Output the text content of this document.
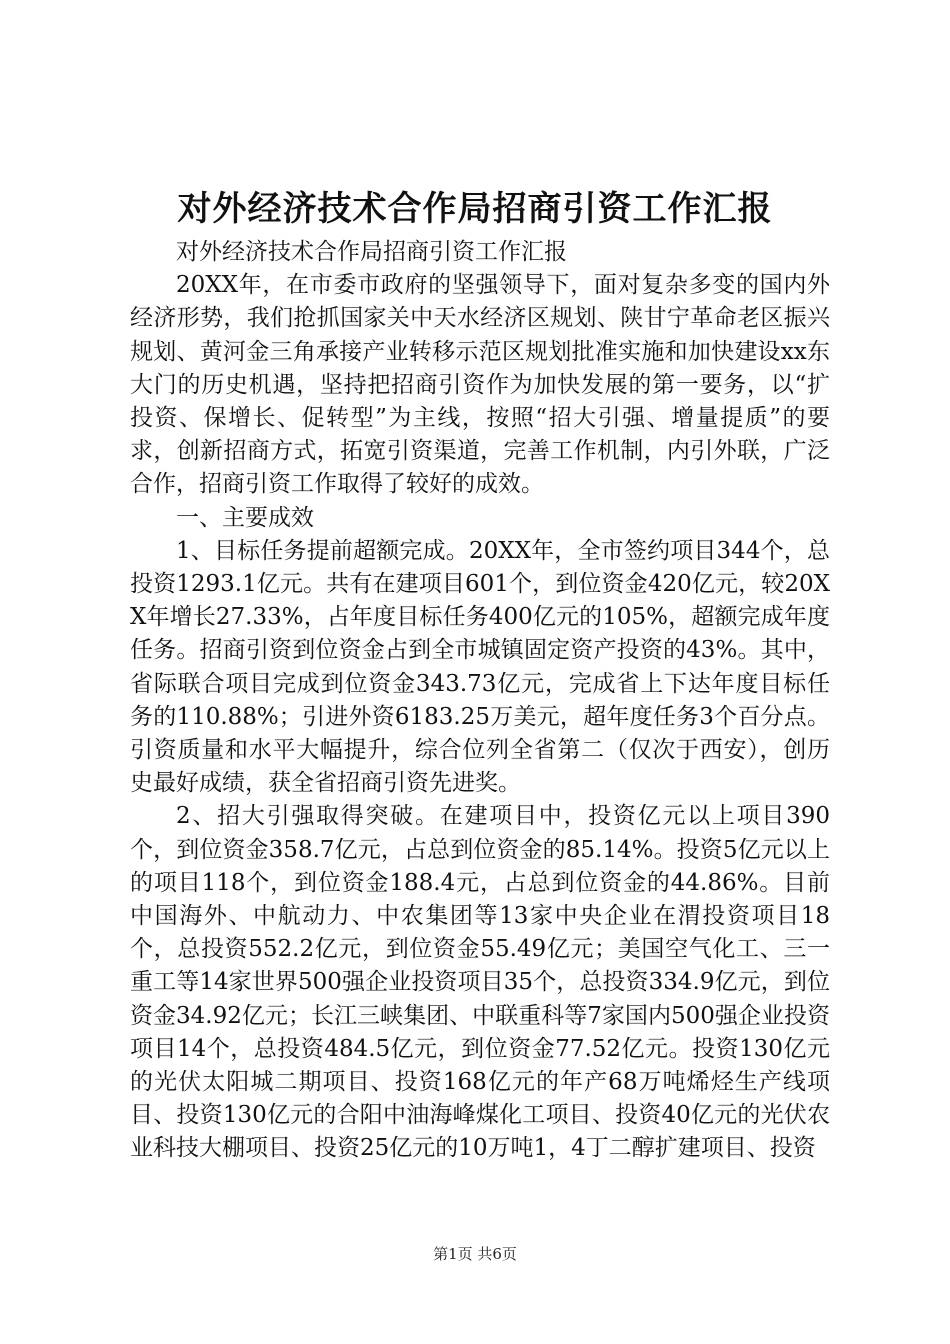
对外经济技术合作局招商引资工作汇报

对外经济技术合作局招商引资工作汇报

20XX年，在市委市政府的坚强领导下，面对复杂多变的国内外经济形势，我们抢抓国家关中天水经济区规划、陕甘宁革命老区振兴规划、黄河金三角承接产业转移示范区规划批准实施和加快建设xx东大门的历史机遇，坚持把招商引资作为加快发展的第一要务，以“扩投资、保增长、促转型”为主线，按照“招大引强、增量提质”的要求，创新招商方式，拓宽引资渠道，完善工作机制，内引外联，广泛合作，招商引资工作取得了较好的成效。

一、主要成效

1、目标任务提前超额完成。20XX年，全市签约项目344个，总投资1293.1亿元。共有在建项目601个，到位资金420亿元，较20XX年增长27.33%，占年度目标任务400亿元的105%，超额完成年度任务。招商引资到位资金占到全市城镇固定资产投资的43%。其中，省际联合项目完成到位资金343.73亿元，完成省上下达年度目标任务的110.88%；引进外资6183.25万美元，超年度任务3个百分点。引资质量和水平大幅提升，综合位列全省第二（仅次于西安），创历史最好成绩，获全省招商引资先进奖。

2、招大引强取得突破。在建项目中，投资亿元以上项目390个，到位资金358.7亿元，占总到位资金的85.14%。投资5亿元以上的项目118个，到位资金188.4元，占总到位资金的44.86%。目前中国海外、中航动力、中农集团等13家中央企业在渭投资项目18个，总投资552.2亿元，到位资金55.49亿元；美国空气化工、三一重工等14家世界500强企业投资项目35个，总投资334.9亿元，到位资金34.92亿元；长江三峡集团、中联重科等7家国内500强企业投资项目14个，总投资484.5亿元，到位资金77.52亿元。投资130亿元的光伏太阳城二期项目、投资168亿元的年产68万吨烯烃生产线项目、投资130亿元的合阳中油海峰煤化工项目、投资40亿元的光伏农业科技大棚项目、投资25亿元的10万吨1，4丁二醇扩建项目、投资

第1页 共6页
